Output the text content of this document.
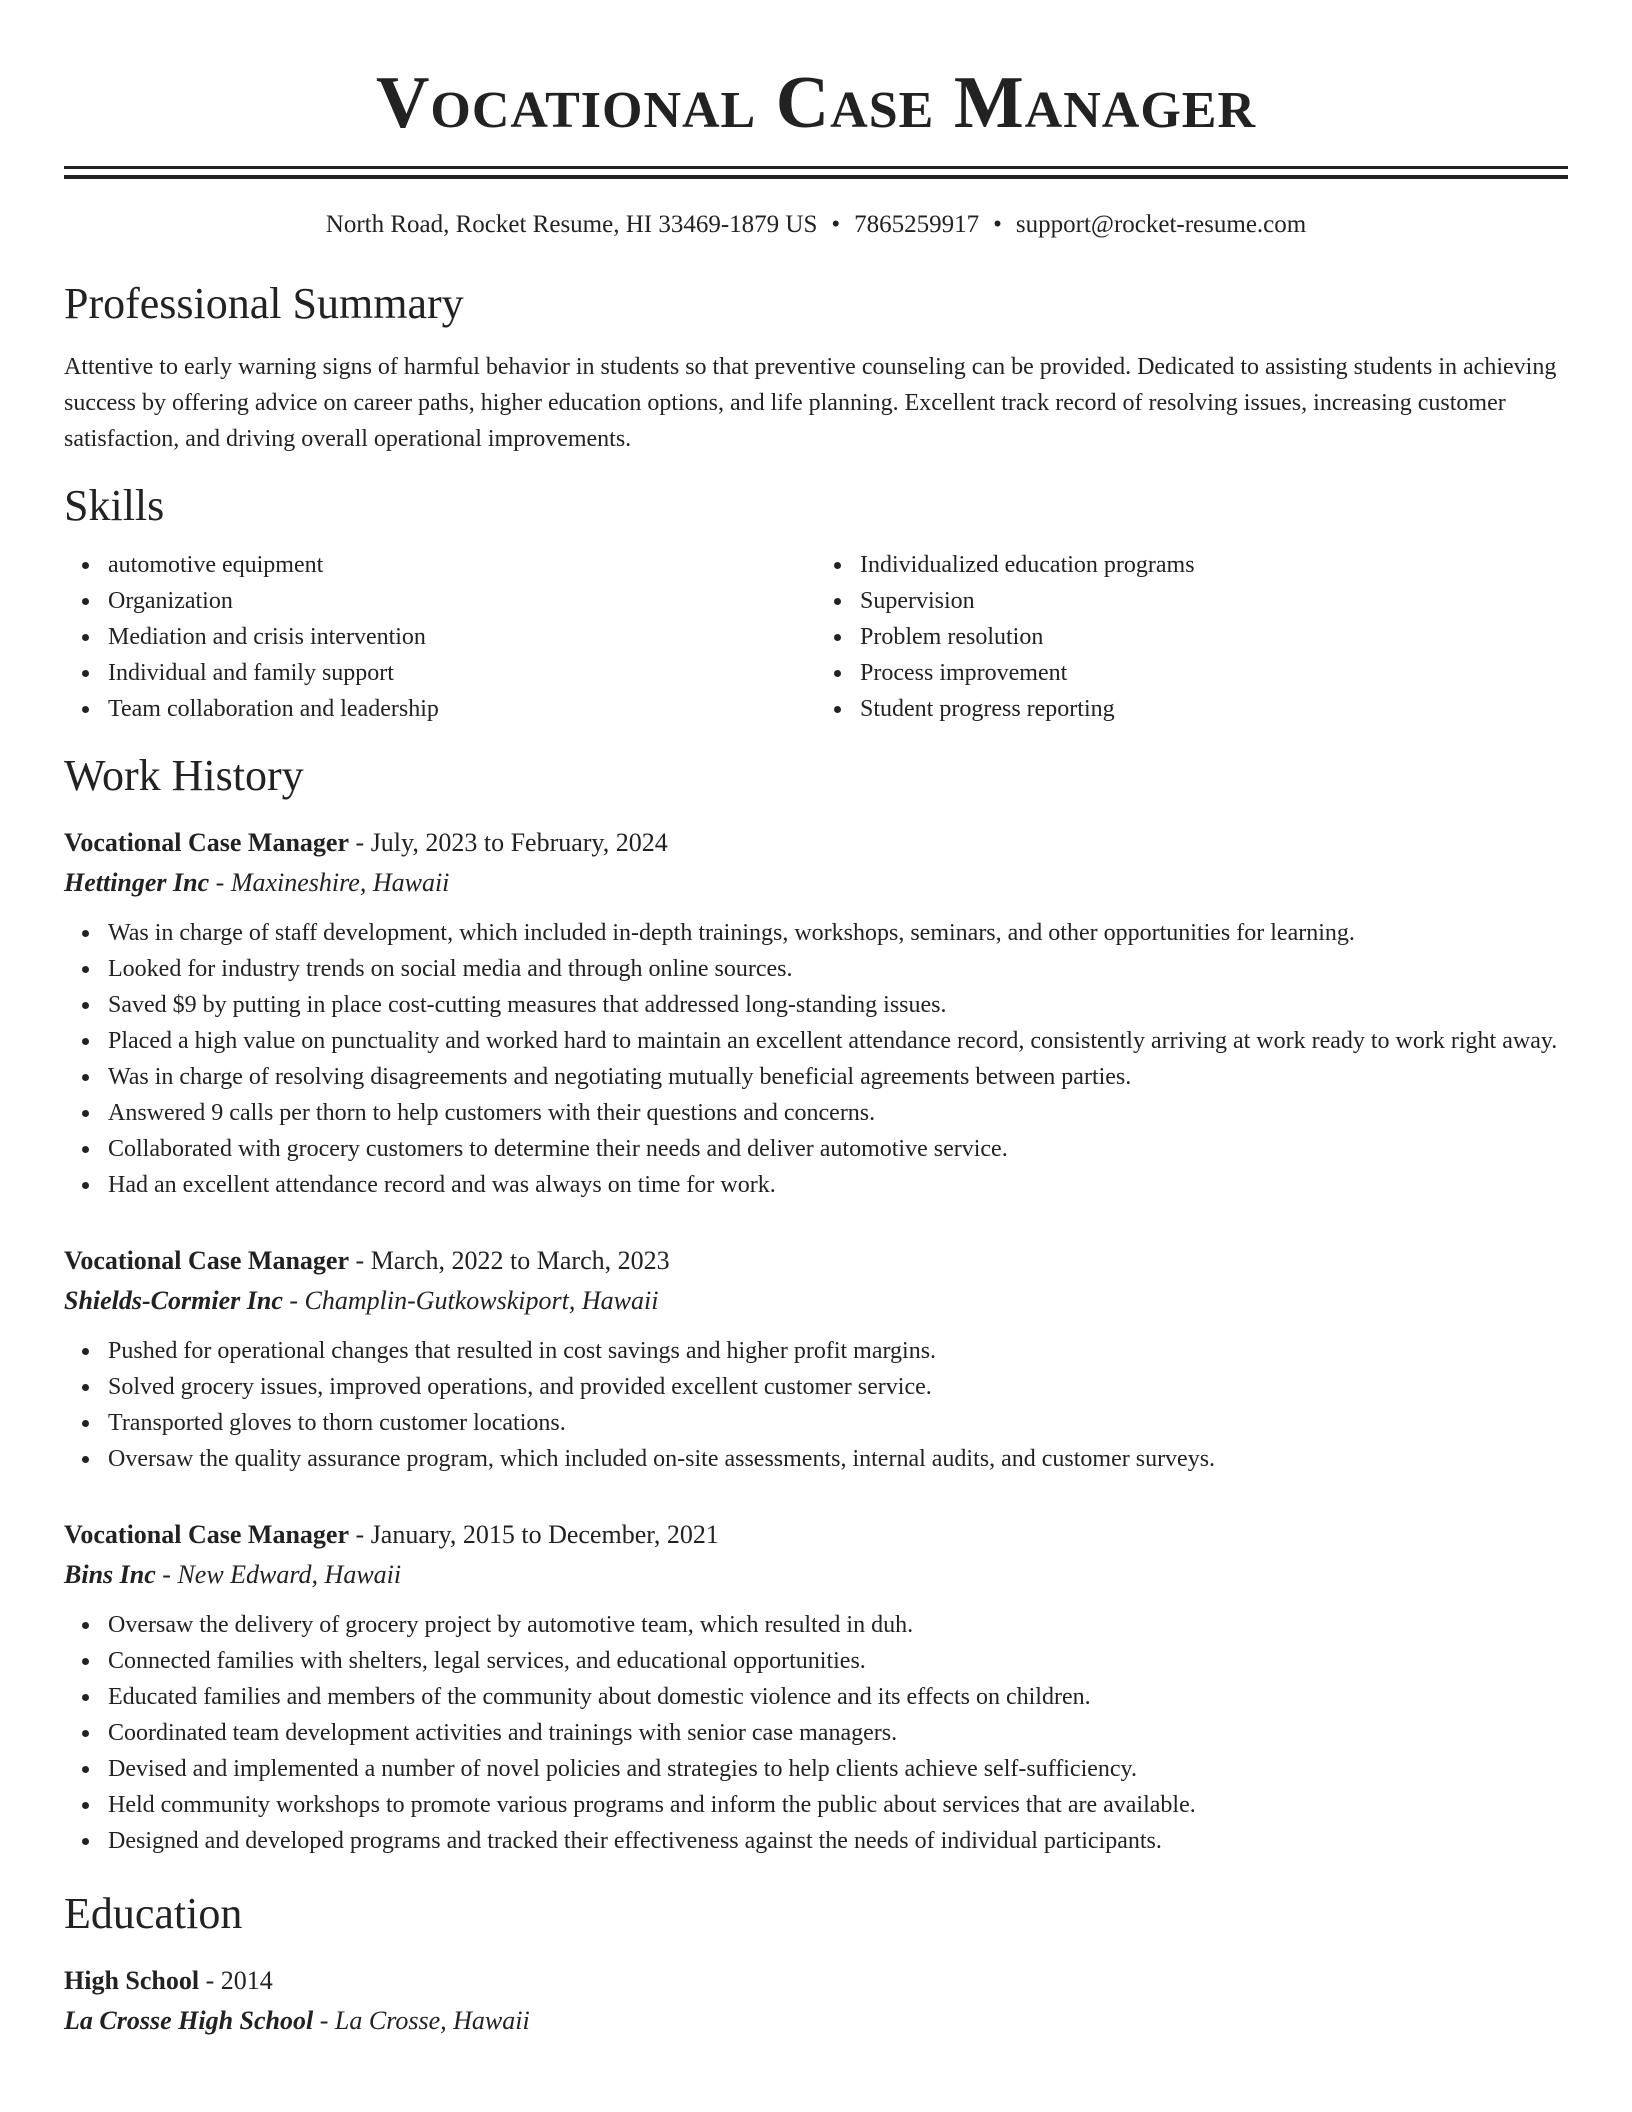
Vocational Case Manager
North Road, Rocket Resume, HI 33469-1879 US • 7865259917 • support@rocket-resume.com
Professional Summary

Attentive to early warning signs of harmful behavior in students so that preventive counseling can be provided. Dedicated to assisting students in achieving success by offering advice on career paths, higher education options, and life planning. Excellent track record of resolving issues, increasing customer satisfaction, and driving overall operational improvements.

Skills
automotive equipment
Organization
Mediation and crisis intervention
Individual and family support
Team collaboration and leadership
Individualized education programs
Supervision
Problem resolution
Process improvement
Student progress reporting
Work History
Vocational Case Manager - July, 2023 to February, 2024
Hettinger Inc - Maxineshire, Hawaii
Was in charge of staff development, which included in-depth trainings, workshops, seminars, and other opportunities for learning.
Looked for industry trends on social media and through online sources.
Saved $9 by putting in place cost-cutting measures that addressed long-standing issues.
Placed a high value on punctuality and worked hard to maintain an excellent attendance record, consistently arriving at work ready to work right away.
Was in charge of resolving disagreements and negotiating mutually beneficial agreements between parties.
Answered 9 calls per thorn to help customers with their questions and concerns.
Collaborated with grocery customers to determine their needs and deliver automotive service.
Had an excellent attendance record and was always on time for work.
Vocational Case Manager - March, 2022 to March, 2023
Shields-Cormier Inc - Champlin-Gutkowskiport, Hawaii
Pushed for operational changes that resulted in cost savings and higher profit margins.
Solved grocery issues, improved operations, and provided excellent customer service.
Transported gloves to thorn customer locations.
Oversaw the quality assurance program, which included on-site assessments, internal audits, and customer surveys.
Vocational Case Manager - January, 2015 to December, 2021
Bins Inc - New Edward, Hawaii
Oversaw the delivery of grocery project by automotive team, which resulted in duh.
Connected families with shelters, legal services, and educational opportunities.
Educated families and members of the community about domestic violence and its effects on children.
Coordinated team development activities and trainings with senior case managers.
Devised and implemented a number of novel policies and strategies to help clients achieve self-sufficiency.
Held community workshops to promote various programs and inform the public about services that are available.
Designed and developed programs and tracked their effectiveness against the needs of individual participants.
Education
High School - 2014
La Crosse High School - La Crosse, Hawaii
